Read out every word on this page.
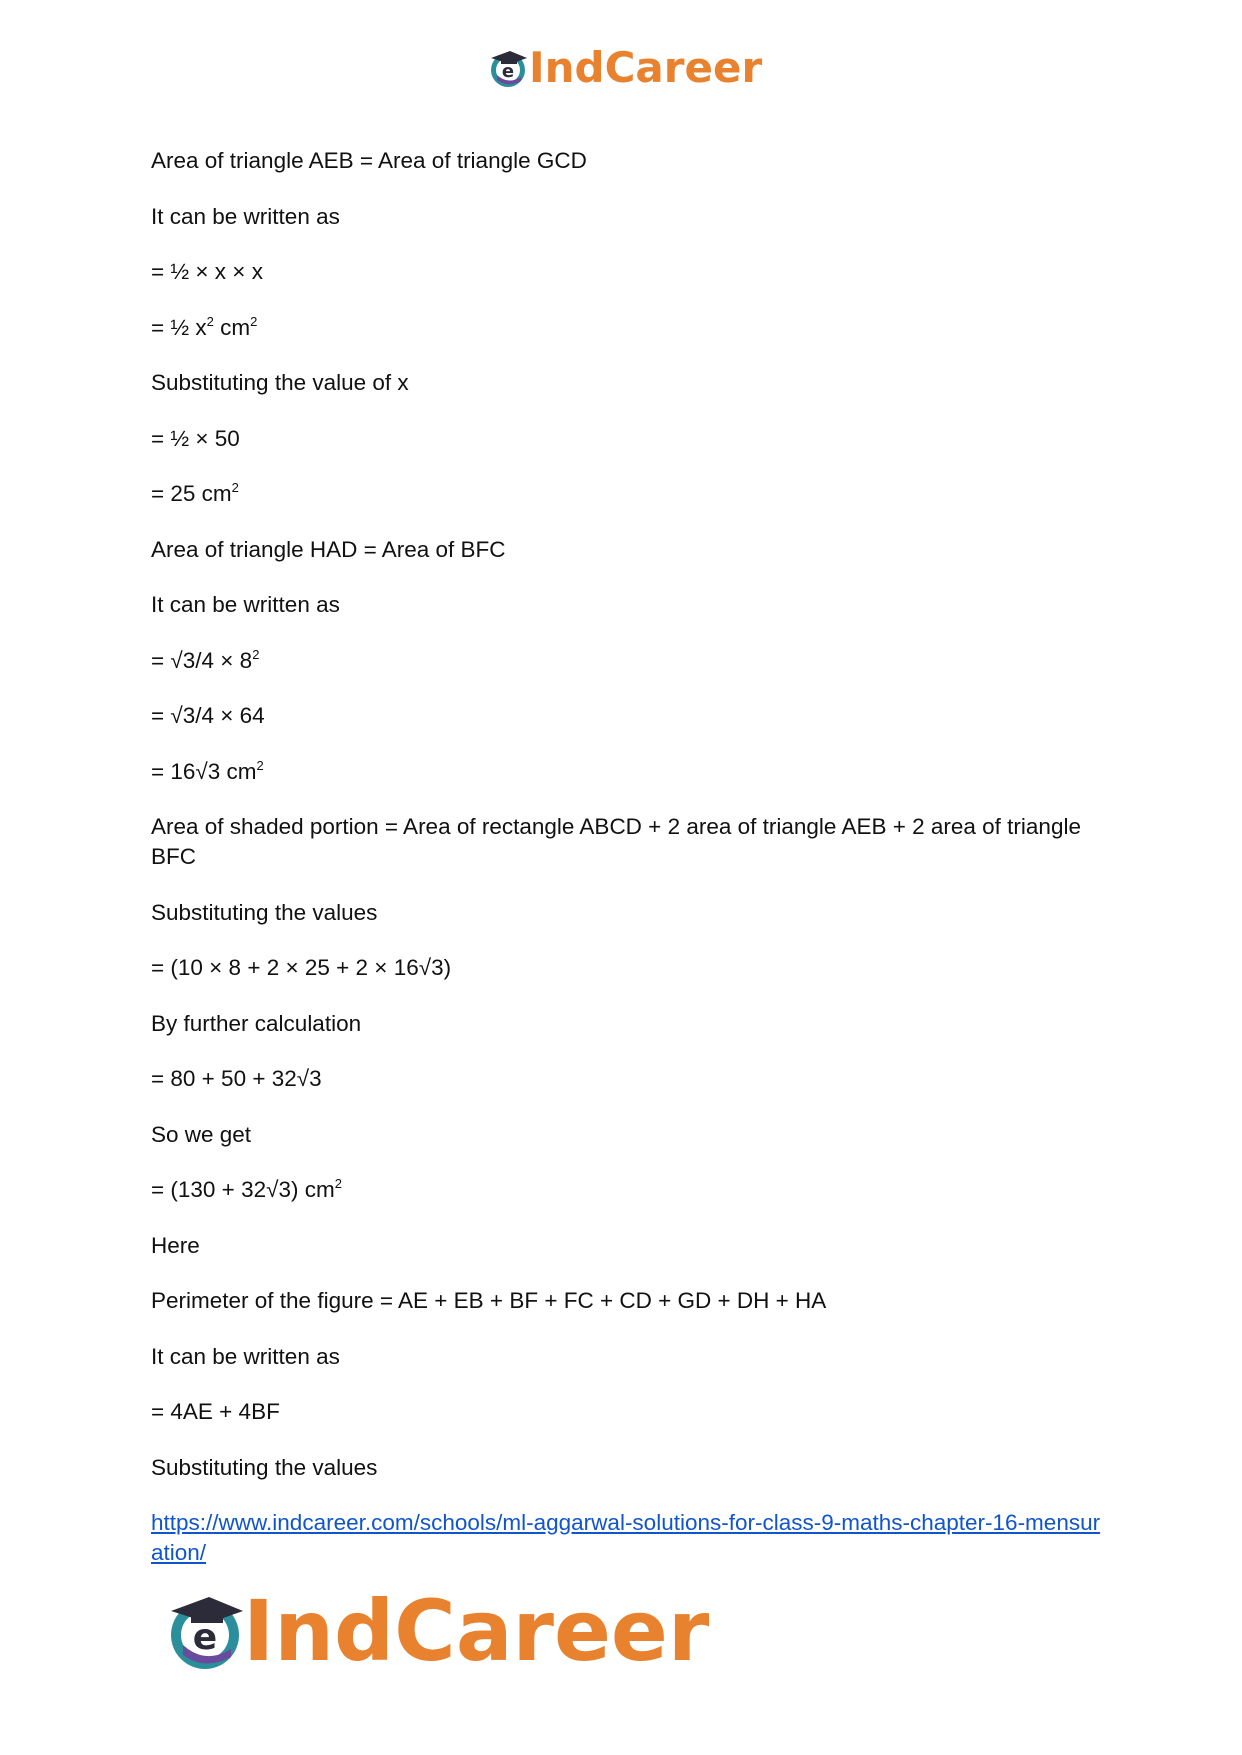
e IndCareer

Area of triangle AEB = Area of triangle GCD

It can be written as

= ½ × x × x

= ½ $x^2$ $cm^2$

Substituting the value of x

= ½ × 50

= 25 $cm^2$

Area of triangle HAD = Area of BFC

It can be written as

= $√3/4 \times 8^2$

= √3/4 × 64

= 16√3 $cm^2$

Area of shaded portion = Area of rectangle ABCD + 2 area of triangle AEB + 2 area of triangle BFC

Substituting the values

= (10 × 8 + 2 × 25 + 2 × 16√3)

By further calculation

= 80 + 50 + 32√3

So we get

= (130 + 32√3) $cm^2$

Here

Perimeter of the figure = AE + EB + BF + FC + CD + GD + DH + HA

It can be written as

= 4AE + 4BF

Substituting the values

https://www.indcareer.com/schools/ml-aggarwal-solutions-for-class-9-maths-chapter-16-mensuration/
e IndCareer
